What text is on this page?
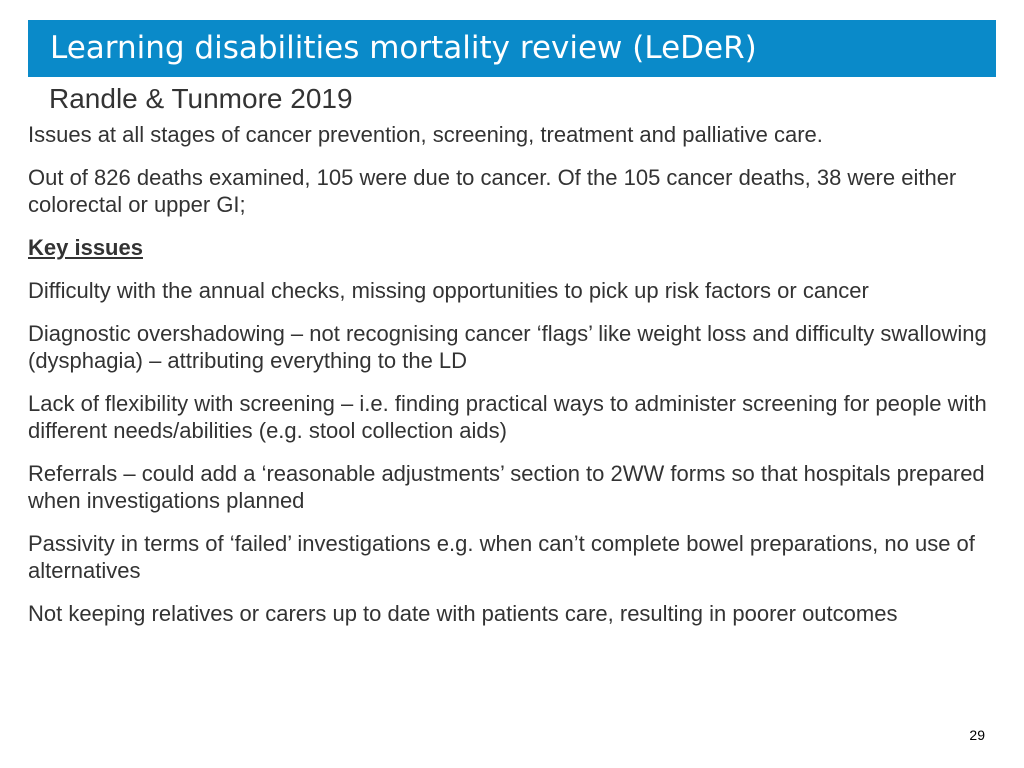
Learning disabilities mortality review (LeDeR)
Randle & Tunmore 2019

Issues at all stages of cancer prevention, screening, treatment and palliative care.

Out of 826 deaths examined, 105 were due to cancer. Of the 105 cancer deaths, 38 were either colorectal or upper GI;

Key issues

Difficulty with the annual checks, missing opportunities to pick up risk factors or cancer

Diagnostic overshadowing – not recognising cancer ‘flags’ like weight loss and difficulty swallowing (dysphagia) – attributing everything to the LD

Lack of flexibility with screening – i.e. finding practical ways to administer screening for people with different needs/abilities (e.g. stool collection aids)

Referrals – could add a ‘reasonable adjustments’ section to 2WW forms so that hospitals prepared when investigations planned

Passivity in terms of ‘failed’ investigations e.g. when can’t complete bowel preparations, no use of alternatives

Not keeping relatives or carers up to date with patients care, resulting in poorer outcomes

29
